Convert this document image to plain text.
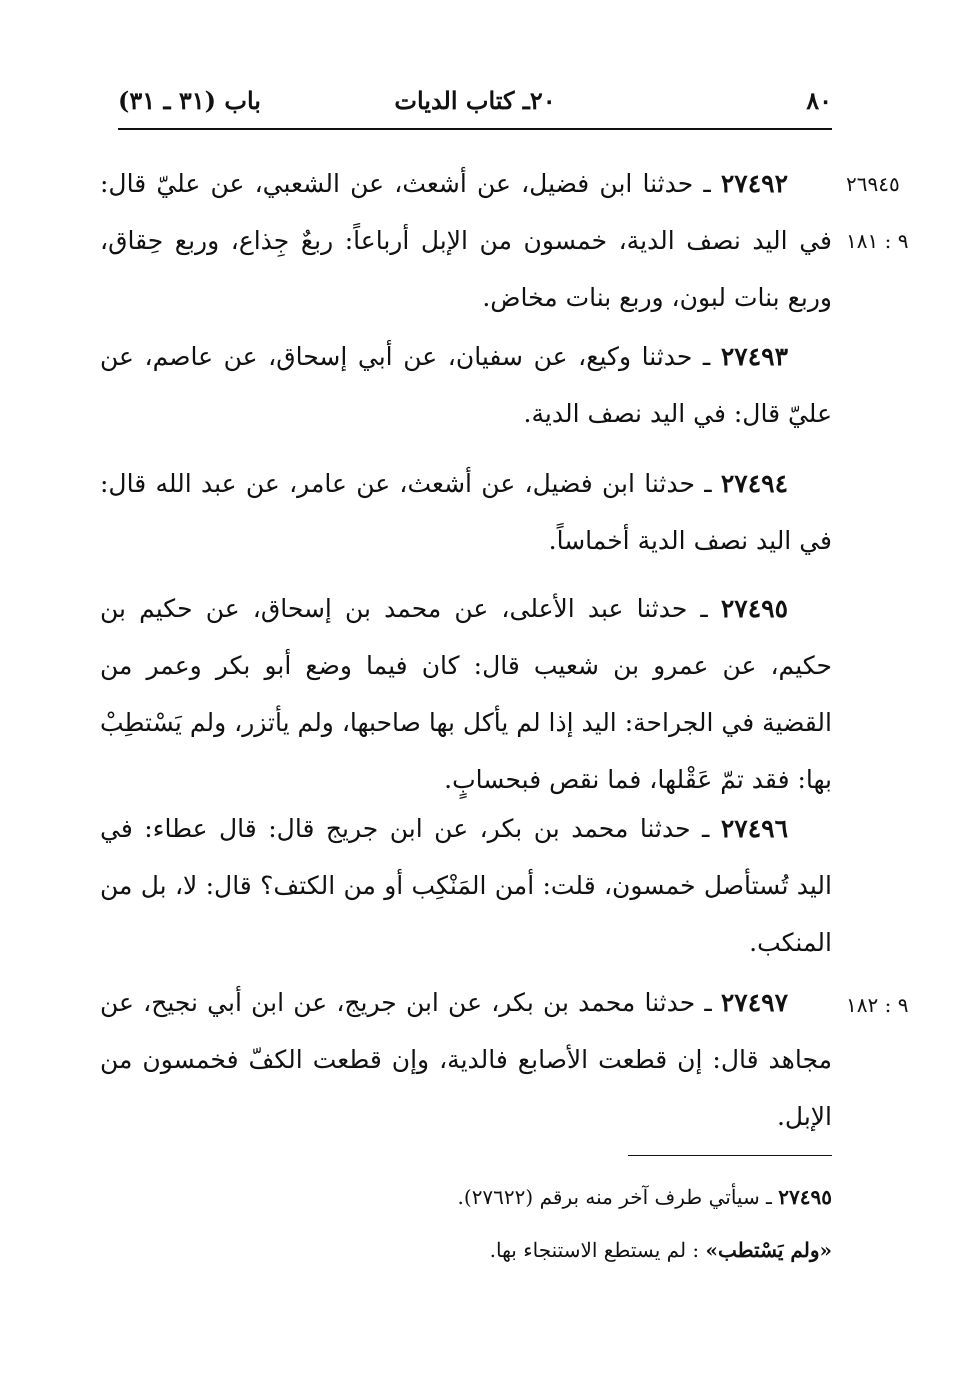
٨٠
٢٠ـ كتاب الديات
باب (٣١ ـ ٣١)
٢٦٩٤٥
٩ : ١٨١
٩ : ١٨٢
٢٧٤٩٢ ـ حدثنا ابن فضيل، عن أشعث، عن الشعبي، عن عليّ قال: في اليد نصف الدية، خمسون من الإبل أرباعاً: ربعٌ جِذاع، وربع حِقاق، وربع بنات لبون، وربع بنات مخاض.
٢٧٤٩٣ ـ حدثنا وكيع، عن سفيان، عن أبي إسحاق، عن عاصم، عن عليّ قال: في اليد نصف الدية.
٢٧٤٩٤ ـ حدثنا ابن فضيل، عن أشعث، عن عامر، عن عبد الله قال: في اليد نصف الدية أخماساً.
٢٧٤٩٥ ـ حدثنا عبد الأعلى، عن محمد بن إسحاق، عن حكيم بن حكيم، عن عمرو بن شعيب قال: كان فيما وضع أبو بكر وعمر من القضية في الجراحة: اليد إذا لم يأكل بها صاحبها، ولم يأتزر، ولم يَسْتطِبْ بها: فقد تمّ عَقْلها، فما نقص فبحسابٍ.
٢٧٤٩٦ ـ حدثنا محمد بن بكر، عن ابن جريج قال: قال عطاء: في اليد تُستأصل خمسون، قلت: أمن المَنْكِب أو من الكتف؟ قال: لا، بل من المنكب.
٢٧٤٩٧ ـ حدثنا محمد بن بكر، عن ابن جريج، عن ابن أبي نجيح، عن مجاهد قال: إن قطعت الأصابع فالدية، وإن قطعت الكفّ فخمسون من الإبل.
٢٧٤٩٥ ـ سيأتي طرف آخر منه برقم (٢٧٦٢٢).
«ولم يَسْتطب» : لم يستطع الاستنجاء بها.
